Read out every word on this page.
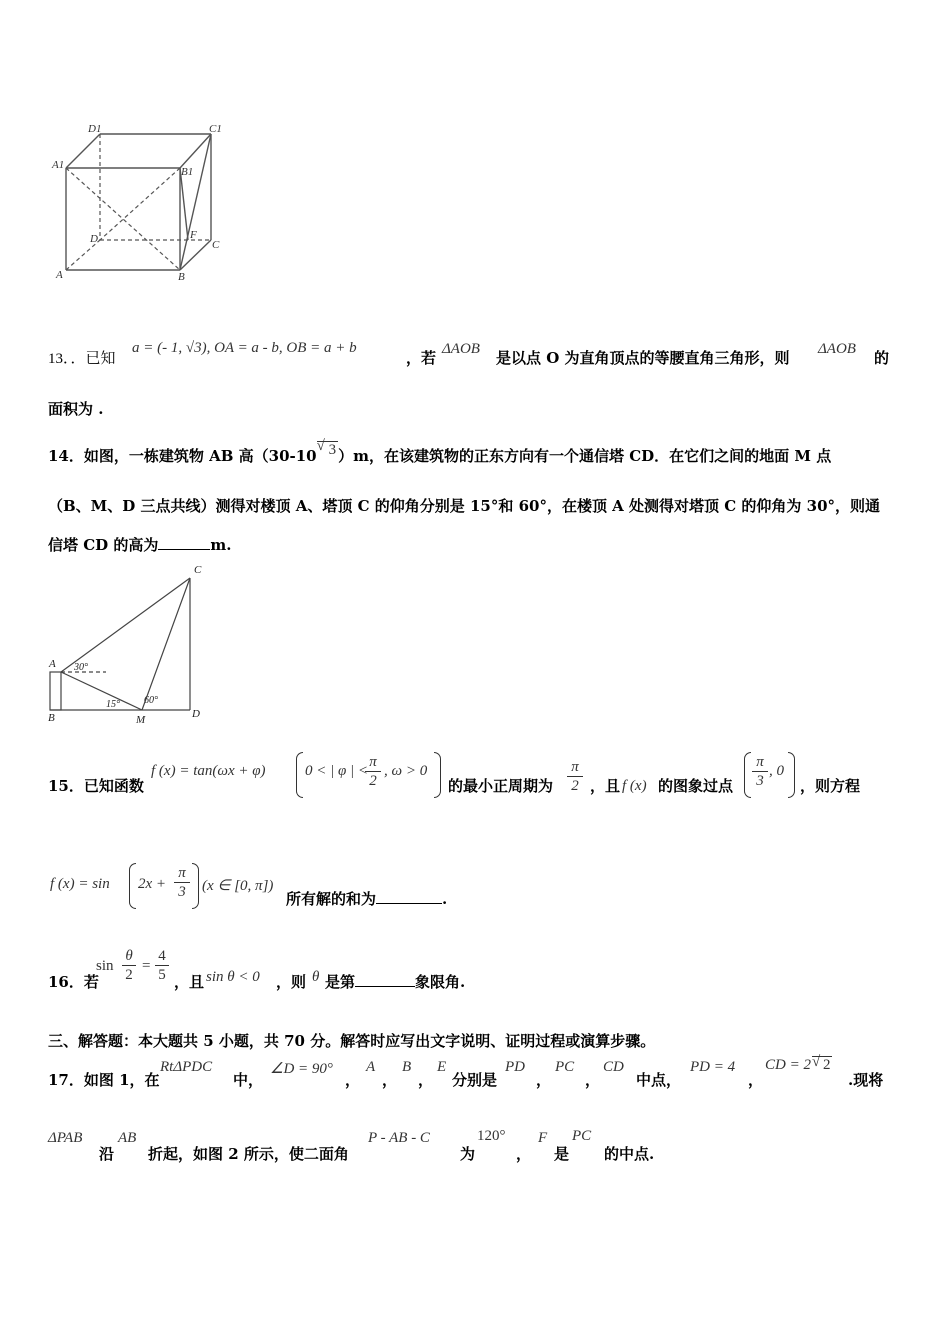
D1	C1
A1
B1
D	F
C
A	B
13．．已知
a = (- 1, √3), OA = a - b, OB = a + b
，若 ΔAOB 是以点 O 为直角顶点的等腰直角三角形，则 ΔAOB 的
面积为 .
14．如图，一栋建筑物 AB 高（30-10
√ 3 ）m，在该建筑物的正东方向有一个通信塔 CD．在它们之间的地面 M 点
（B、M、D 三点共线）测得对楼顶 A、塔顶 C 的仰角分别是 15°和 60°，在楼顶 A 处测得对塔顶 C 的仰角为 30°，则通
信塔 CD 的高为	m.
C
A 30°
B
15°
M
60°
D
15．已知函数
f (x) = tan(ωx + φ)	0 < | φ | <
$\frac{\pi}{2}$ , ω > 0
的最小正周期为 $\frac{\pi}{2}$ ，且 f (x) 的图象过点 $\frac{\pi}{3}$ , 0
，则方程
f $(x) = \sin 2x + \frac{\pi}{3} (x$ ∈ [0, π])
所有解的和为	.
16．若
$\sin \frac{\theta}{2} = \frac{4}{5}$ ，且 sin θ < 0 ，则 θ 是第	象限角.
三、解答题：本大题共 5 小题，共 70 分。解答时应写出文字说明、证明过程或演算步骤。
17．如图 1，在
RtΔPDC
中，
∠D = 90°
，
A
，
B
，
E
分别是
PD
，
PC
，
CD
中点，
PD = 4
，
CD = 2 √ 2
.现将
ΔPAB
沿
AB
折起，如图 2 所示，使二面角
P - AB - C
为
120°
，
F
是
PC
的中点.
